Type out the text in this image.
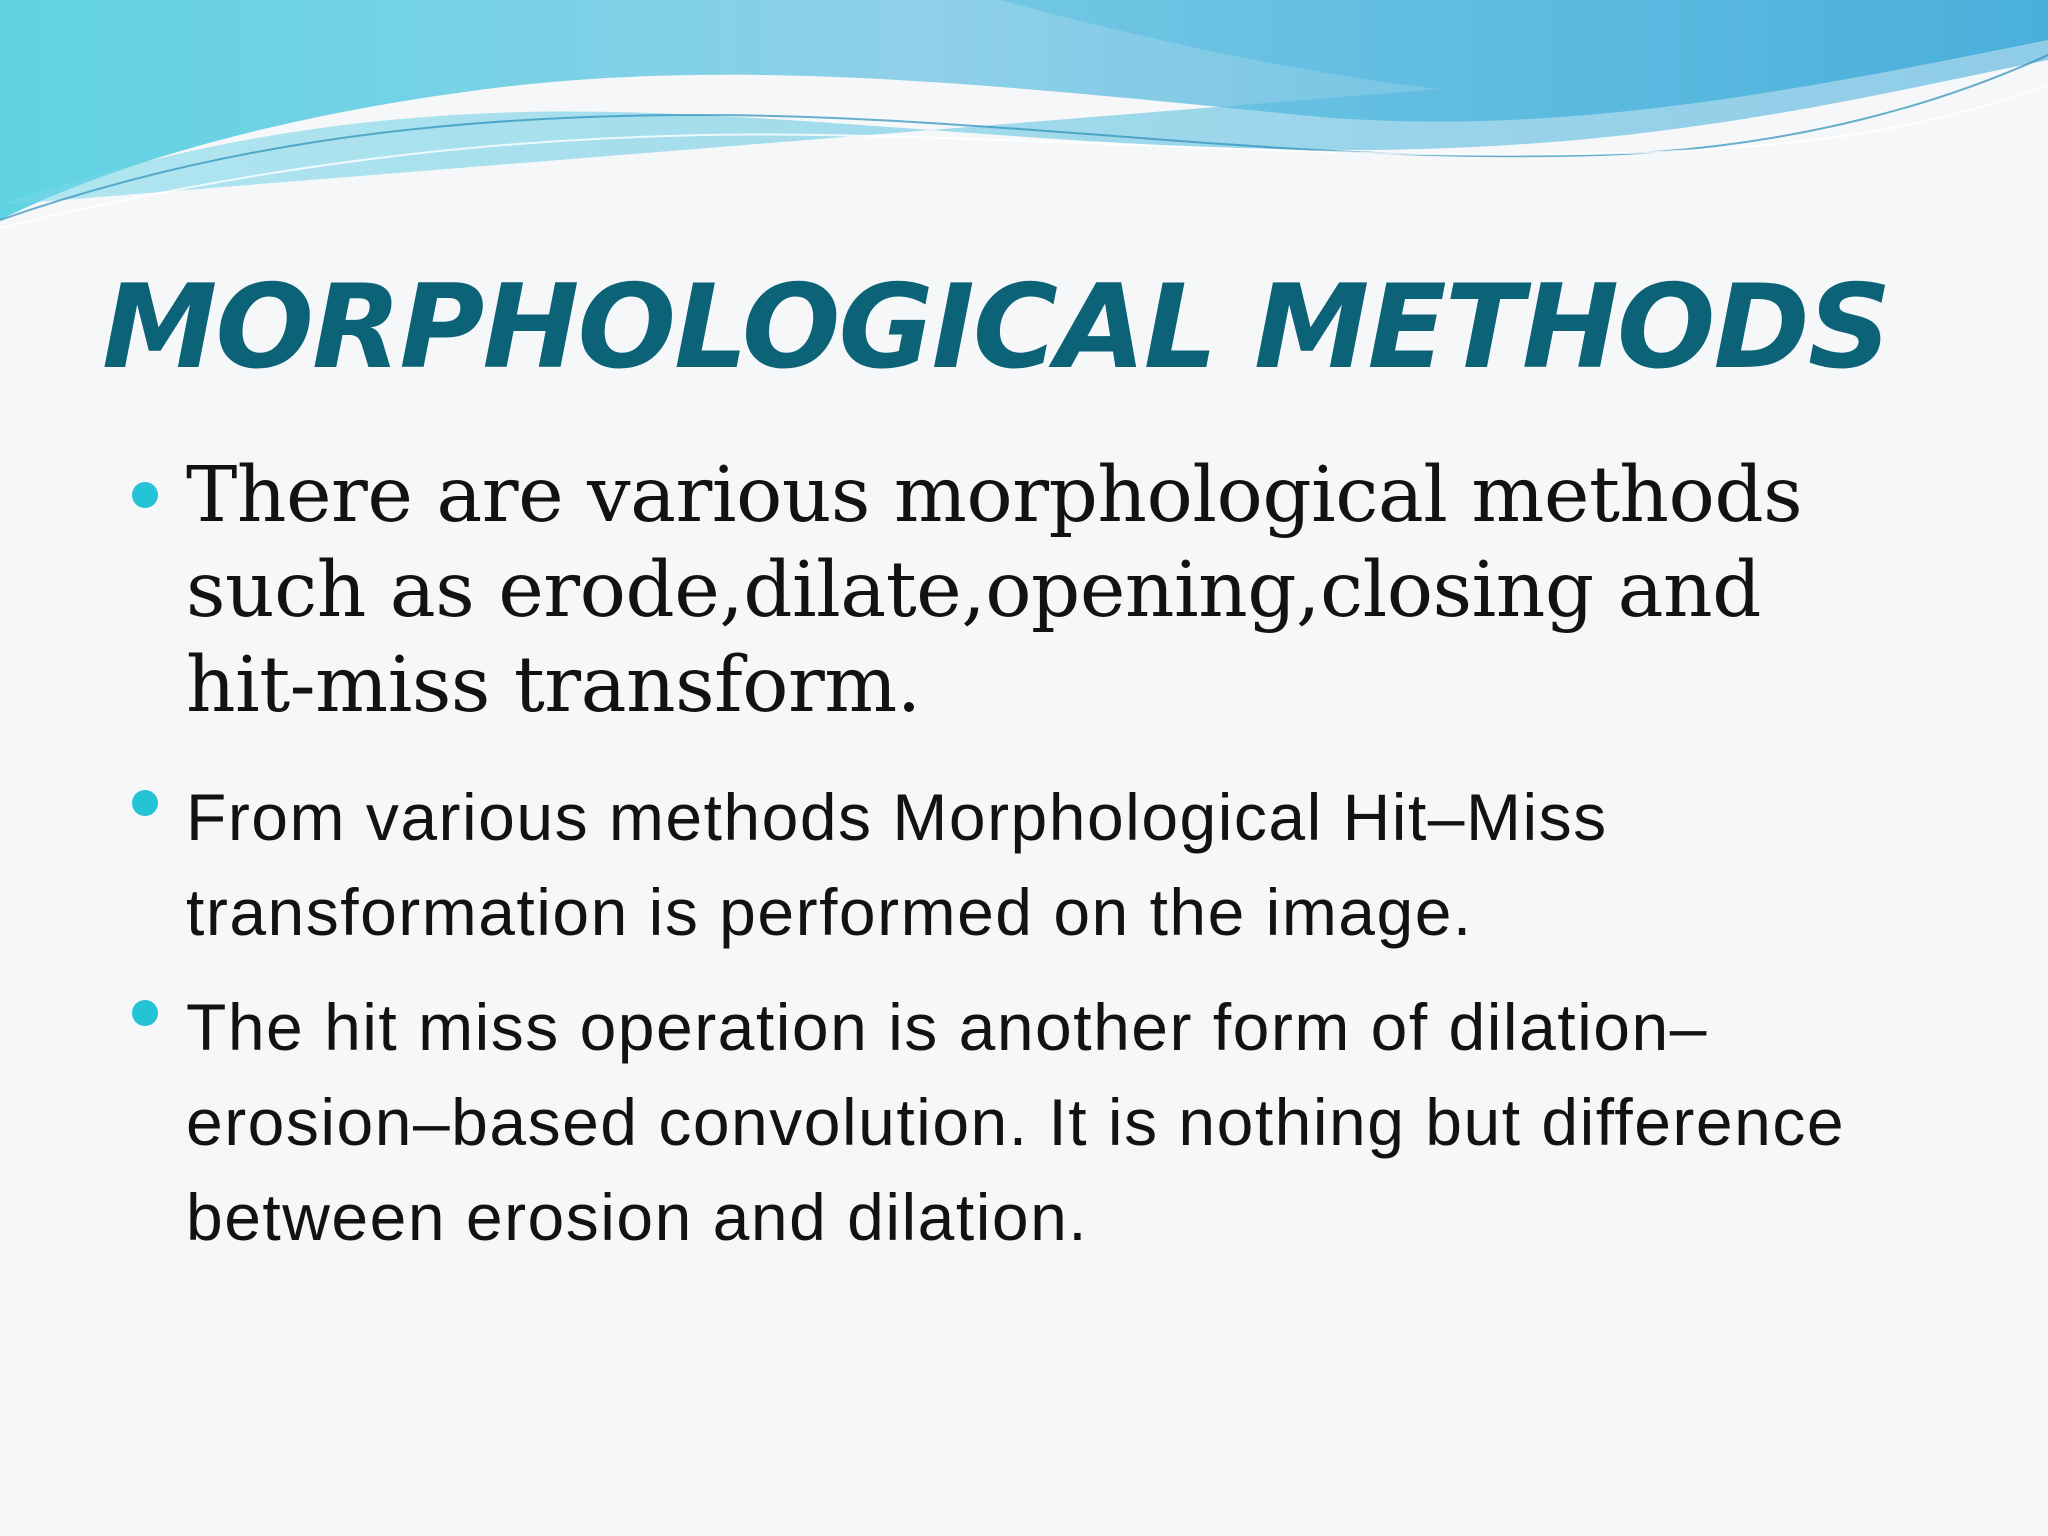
MORPHOLOGICAL METHODS
There are various morphological methods such as erode,dilate,opening,closing and hit-miss transform.
From various methods Morphological Hit–Miss transformation is performed on the image.
The hit miss operation is another form of dilation–erosion–based convolution. It is nothing but difference between erosion and dilation.
